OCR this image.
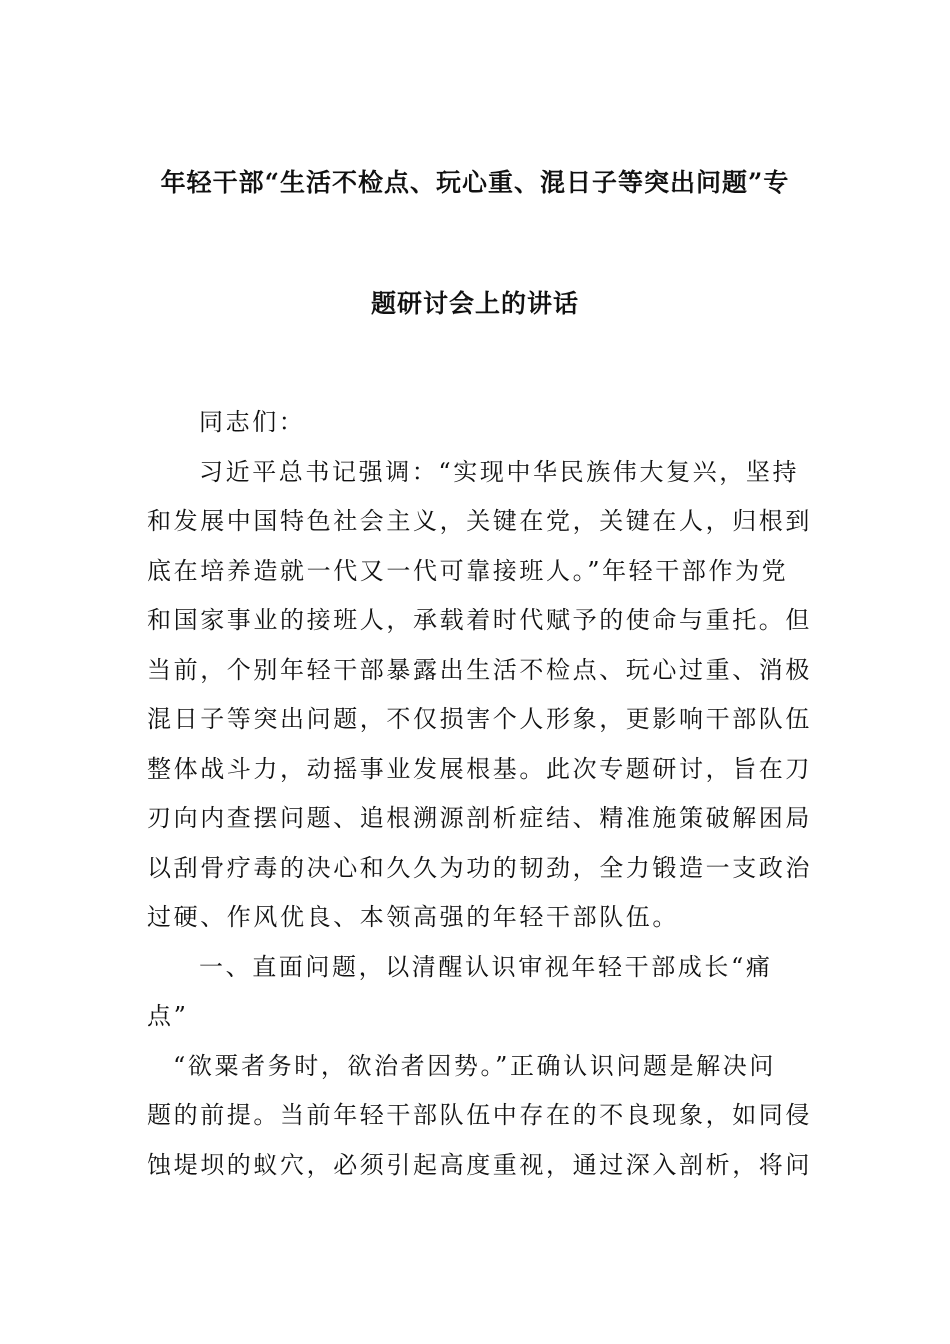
年轻干部“生活不检点、玩心重、混日子等突出问题”专
题研讨会上的讲话

同志们：

习近平总书记强调：“实现中华民族伟大复兴，坚持
和发展中国特色社会主义，关键在党，关键在人，归根到
底在培养造就一代又一代可靠接班人。”年轻干部作为党
和国家事业的接班人，承载着时代赋予的使命与重托。但
当前，个别年轻干部暴露出生活不检点、玩心过重、消极
混日子等突出问题，不仅损害个人形象，更影响干部队伍
整体战斗力，动摇事业发展根基。此次专题研讨，旨在刀
刃向内查摆问题、追根溯源剖析症结、精准施策破解困局
以刮骨疗毒的决心和久久为功的韧劲，全力锻造一支政治
过硬、作风优良、本领高强的年轻干部队伍。

一、直面问题，以清醒认识审视年轻干部成长“痛
点”

“欲粟者务时，欲治者因势。”正确认识问题是解决问
题的前提。当前年轻干部队伍中存在的不良现象，如同侵
蚀堤坝的蚁穴，必须引起高度重视，通过深入剖析，将问
